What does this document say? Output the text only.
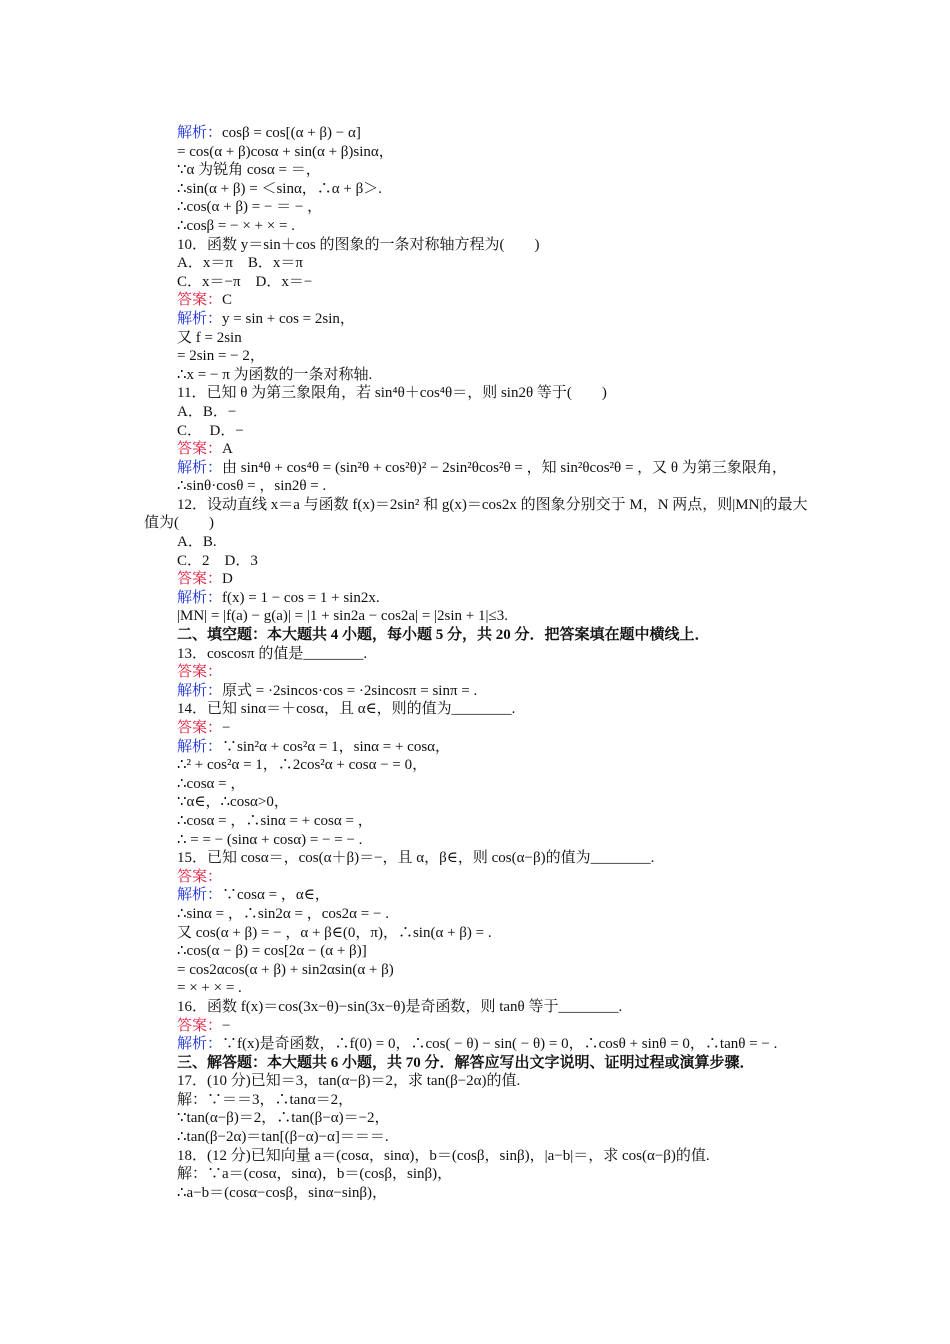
解析：cosβ = cos[(α + β) − α]
= cos(α + β)cosα + sin(α + β)sinα，
∵α 为锐角 cosα = ＝，
∴sin(α + β) = ＜sinα，∴α + β＞.
∴cos(α + β) = − ＝ − ，
∴cosβ = − × + × = .
10．函数 y＝sin＋cos 的图象的一条对称轴方程为(　　)
A．x＝π　B．x＝π
C．x＝−π　D．x＝−
答案：C
解析：y = sin + cos = 2sin，
又 f = 2sin
= 2sin = − 2，
∴x = − π 为函数的一条对称轴.
11．已知 θ 为第三象限角，若 sin⁴θ＋cos⁴θ＝，则 sin2θ 等于(　　)
A．B．−
C．　D．−
答案：A
解析：由 sin⁴θ + cos⁴θ = (sin²θ + cos²θ)² − 2sin²θcos²θ = ，知 sin²θcos²θ = ，又 θ 为第三象限角，
∴sinθ·cosθ = ，sin2θ = .
12．设动直线 x＝a 与函数 f(x)＝2sin² 和 g(x)＝cos2x 的图象分别交于 M，N 两点，则|MN|的最大值为(　　)
A．B.
C．2　D．3
答案：D
解析：f(x) = 1 − cos = 1 + sin2x.
|MN| = |f(a) − g(a)| = |1 + sin2a − cos2a| = |2sin + 1|≤3.
二、填空题：本大题共 4 小题，每小题 5 分，共 20 分．把答案填在题中横线上．
13．coscosπ 的值是________.
答案：
解析：原式 = ·2sincos·cos = ·2sincosπ = sinπ = .
14．已知 sinα＝＋cosα，且 α∈，则的值为________.
答案：−
解析：∵sin²α + cos²α = 1，sinα = + cosα，
∴² + cos²α = 1，∴2cos²α + cosα − = 0，
∴cosα = ，
∵α∈，∴cosα>0，
∴cosα = ，∴sinα = + cosα = ，
∴ = = − (sinα + cosα) = − = − .
15．已知 cosα＝，cos(α＋β)＝−，且 α，β∈，则 cos(α−β)的值为________.
答案：
解析：∵cosα = ，α∈，
∴sinα = ，∴sin2α = ，cos2α = − .
又 cos(α + β) = − ，α + β∈(0，π)，∴sin(α + β) = .
∴cos(α − β) = cos[2α − (α + β)]
= cos2αcos(α + β) + sin2αsin(α + β)
= × + × = .
16．函数 f(x)＝cos(3x−θ)−sin(3x−θ)是奇函数，则 tanθ 等于________.
答案：−
解析：∵f(x)是奇函数，∴f(0) = 0，∴cos( − θ) − sin( − θ) = 0，∴cosθ + sinθ = 0，∴tanθ = − .
三、解答题：本大题共 6 小题，共 70 分．解答应写出文字说明、证明过程或演算步骤．
17．(10 分)已知＝3，tan(α−β)＝2，求 tan(β−2α)的值.
解：∵＝＝3，∴tanα＝2，
∵tan(α−β)＝2，∴tan(β−α)＝−2，
∴tan(β−2α)＝tan[(β−α)−α]＝＝＝.
18．(12 分)已知向量 a＝(cosα，sinα)，b＝(cosβ，sinβ)，|a−b|＝，求 cos(α−β)的值.
解：∵a＝(cosα，sinα)，b＝(cosβ，sinβ)，
∴a−b＝(cosα−cosβ，sinα−sinβ)，
